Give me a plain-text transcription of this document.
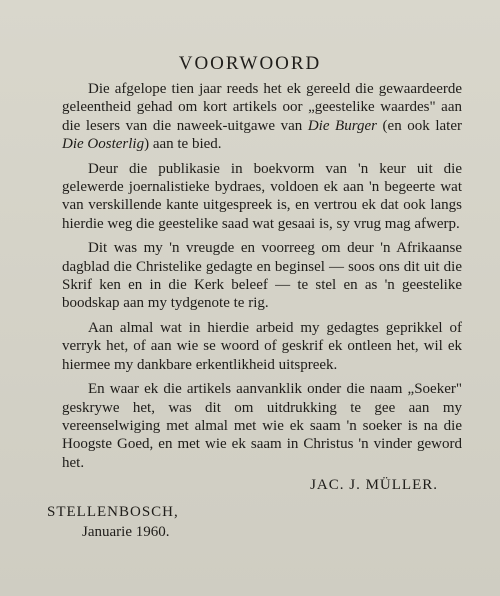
VOORWOORD

Die afgelope tien jaar reeds het ek gereeld die gewaardeerde geleentheid gehad om kort artikels oor „geestelike waardes" aan die lesers van die naweek-uitgawe van Die Burger (en ook later Die Oosterlig) aan te bied.

Deur die publikasie in boekvorm van 'n keur uit die gelewerde joernalistieke bydraes, voldoen ek aan 'n begeerte wat van verskillende kante uitgespreek is, en vertrou ek dat ook langs hierdie weg die geestelike saad wat gesaai is, sy vrug mag afwerp.

Dit was my 'n vreugde en voorreeg om deur 'n Afrikaanse dagblad die Christelike gedagte en beginsel — soos ons dit uit die Skrif ken en in die Kerk beleef — te stel en as 'n geestelike boodskap aan my tydgenote te rig.

Aan almal wat in hierdie arbeid my gedagtes geprikkel of verryk het, of aan wie se woord of geskrif ek ontleen het, wil ek hiermee my dankbare erkentlikheid uitspreek.

En waar ek die artikels aanvanklik onder die naam „Soeker" geskrywe het, was dit om uitdrukking te gee aan my vereenselwiging met almal met wie ek saam 'n soeker is na die Hoogste Goed, en met wie ek saam in Christus 'n vinder geword het.

JAC. J. MÜLLER.
STELLENBOSCH,
Januarie 1960.
